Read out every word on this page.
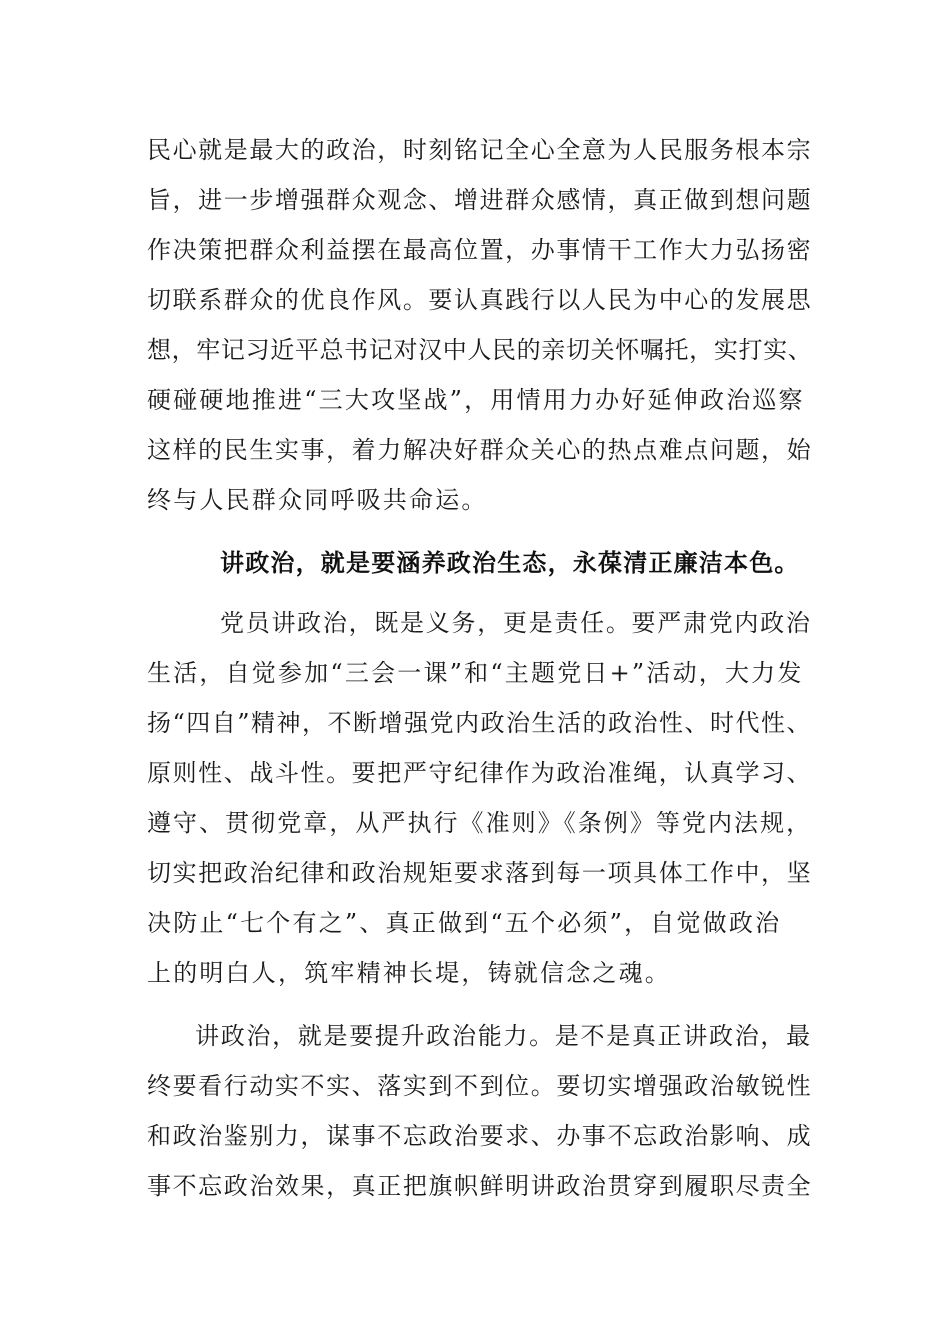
民心就是最大的政治，时刻铭记全心全意为人民服务根本宗

旨，进一步增强群众观念、增进群众感情，真正做到想问题

作决策把群众利益摆在最高位置，办事情干工作大力弘扬密

切联系群众的优良作风。要认真践行以人民为中心的发展思

想，牢记习近平总书记对汉中人民的亲切关怀嘱托，实打实、

硬碰硬地推进“三大攻坚战”，用情用力办好延伸政治巡察

这样的民生实事，着力解决好群众关心的热点难点问题，始

终与人民群众同呼吸共命运。

讲政治，就是要涵养政治生态，永葆清正廉洁本色。

党员讲政治，既是义务，更是责任。要严肃党内政治

生活，自觉参加“三会一课”和“主题党日+”活动，大力发

扬“四自”精神，不断增强党内政治生活的政治性、时代性、

原则性、战斗性。要把严守纪律作为政治准绳，认真学习、

遵守、贯彻党章，从严执行《准则》《条例》等党内法规，

切实把政治纪律和政治规矩要求落到每一项具体工作中，坚

决防止“七个有之”、真正做到“五个必须”，自觉做政治

上的明白人，筑牢精神长堤，铸就信念之魂。

讲政治，就是要提升政治能力。是不是真正讲政治，最

终要看行动实不实、落实到不到位。要切实增强政治敏锐性

和政治鉴别力，谋事不忘政治要求、办事不忘政治影响、成

事不忘政治效果，真正把旗帜鲜明讲政治贯穿到履职尽责全
